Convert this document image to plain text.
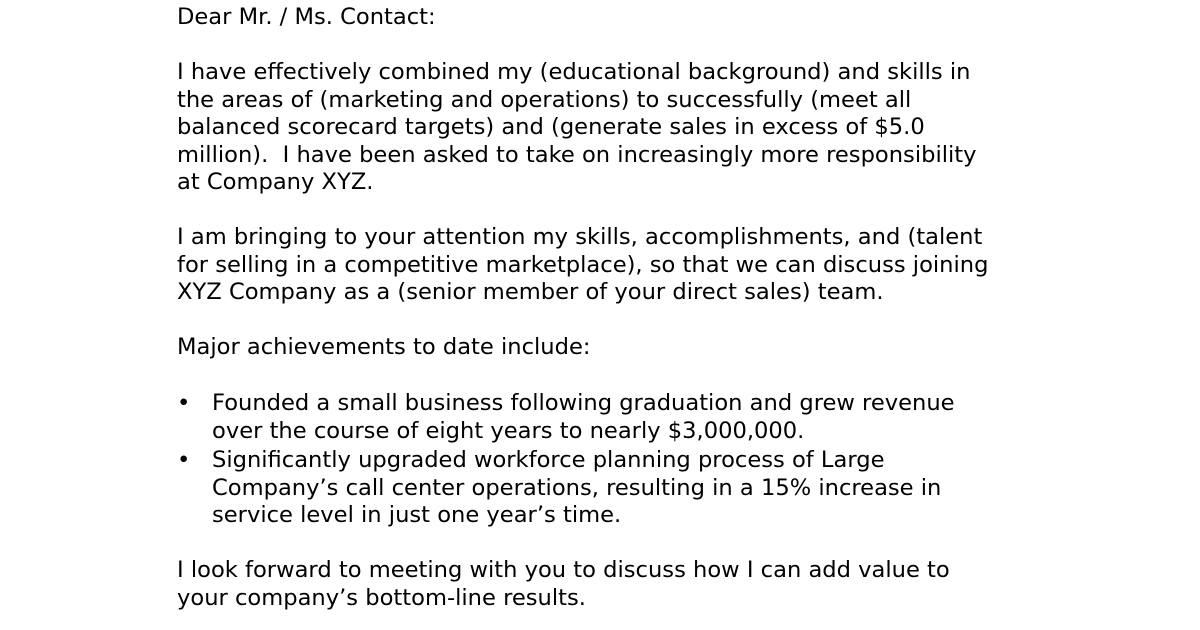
Dear Mr. / Ms. Contact:
I have effectively combined my (educational background) and skills in
the areas of (marketing and operations) to successfully (meet all
balanced scorecard targets) and (generate sales in excess of $5.0
million).  I have been asked to take on increasingly more responsibility
at Company XYZ.
I am bringing to your attention my skills, accomplishments, and (talent
for selling in a competitive marketplace), so that we can discuss joining
XYZ Company as a (senior member of your direct sales) team.
Major achievements to date include:
• Founded a small business following graduation and grew revenue
over the course of eight years to nearly $3,000,000.
• Significantly upgraded workforce planning process of Large
Company’s call center operations, resulting in a 15% increase in
service level in just one year’s time.
I look forward to meeting with you to discuss how I can add value to
your company’s bottom-line results.
